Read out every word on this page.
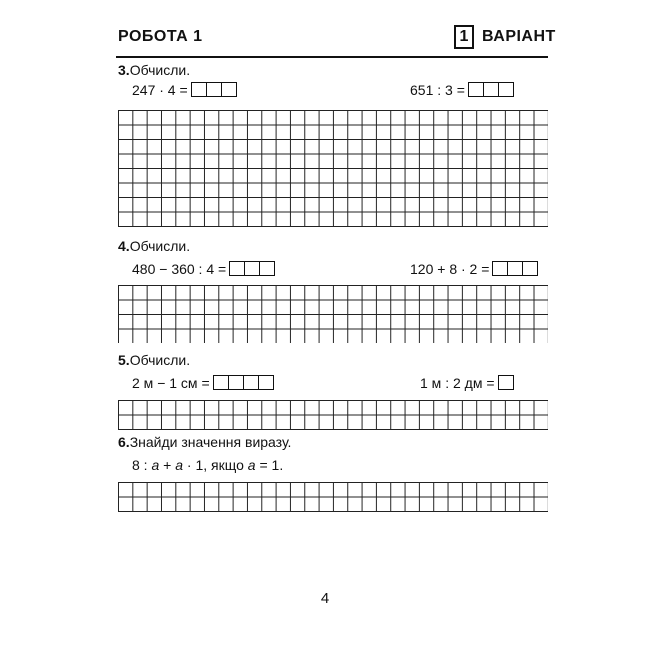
РОБОТА 1	1 ВАРІАНТ
3.Обчисли.
247 · 4 =	651 : 3 =
4.Обчисли.
480 − 360 : 4 =	120 + 8 · 2 =
5.Обчисли.
2 м − 1 см =	1 м : 2 дм =
6.Знайди значення виразу.
8 : a + a · 1, якщо a = 1.
4
